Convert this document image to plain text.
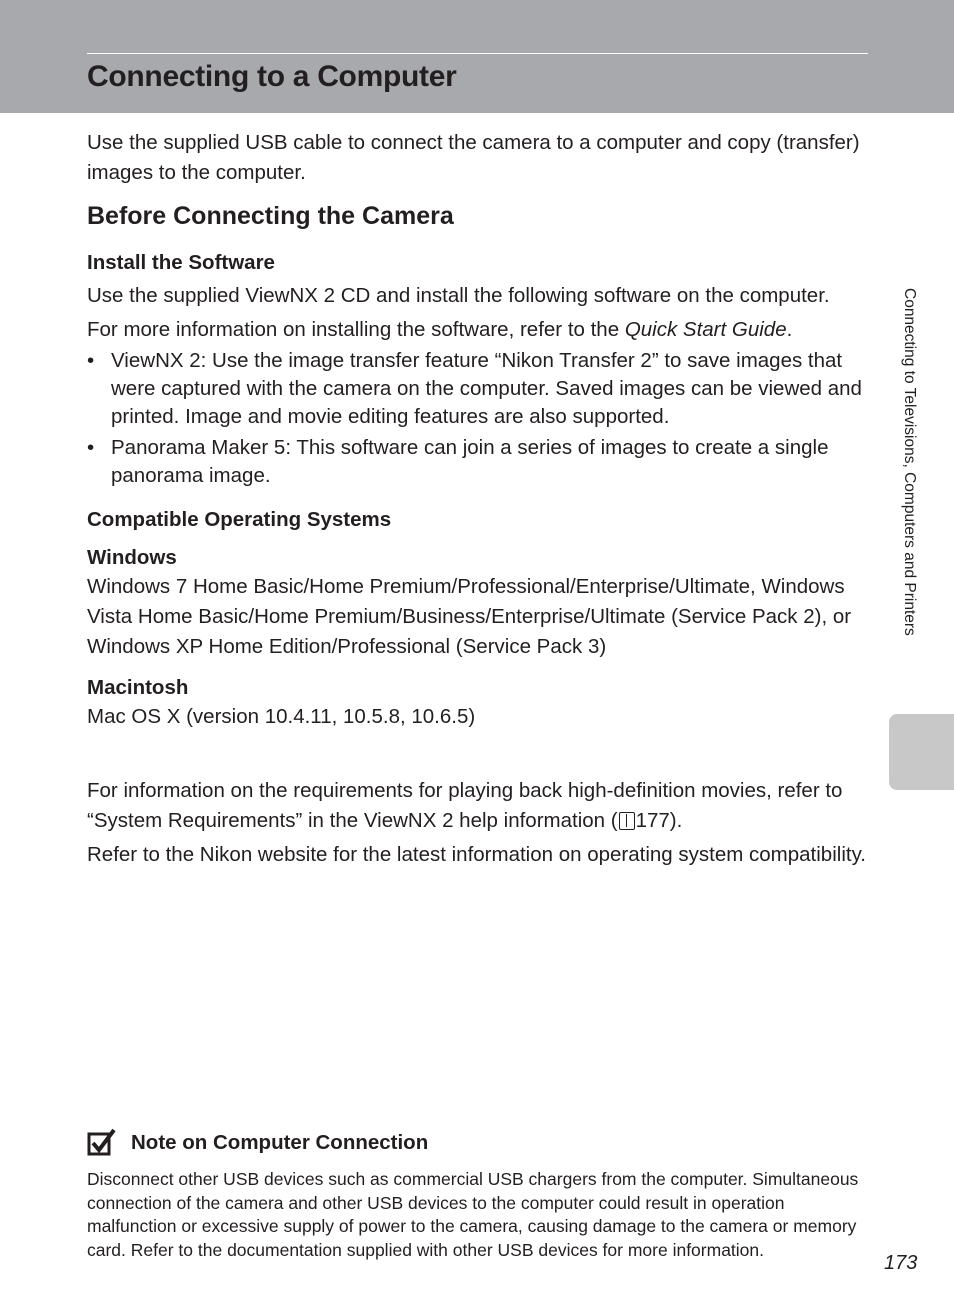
Connecting to a Computer

Use the supplied USB cable to connect the camera to a computer and copy (transfer) images to the computer.

Before Connecting the Camera
Install the Software

Use the supplied ViewNX 2 CD and install the following software on the computer.

For more information on installing the software, refer to the Quick Start Guide.

• ViewNX 2: Use the image transfer feature “Nikon Transfer 2” to save images that were captured with the camera on the computer. Saved images can be viewed and printed. Image and movie editing features are also supported.
• Panorama Maker 5: This software can join a series of images to create a single panorama image.
Compatible Operating Systems
Windows

Windows 7 Home Basic/Home Premium/Professional/Enterprise/Ultimate, Windows Vista Home Basic/Home Premium/Business/Enterprise/Ultimate (Service Pack 2), or Windows XP Home Edition/Professional (Service Pack 3)

Macintosh

Mac OS X (version 10.4.11, 10.5.8, 10.6.5)

For information on the requirements for playing back high-definition movies, refer to “System Requirements” in the ViewNX 2 help information ( 177).

Refer to the Nikon website for the latest information on operating system compatibility.

Connecting to Televisions, Computers and Printers
Note on Computer Connection

Disconnect other USB devices such as commercial USB chargers from the computer. Simultaneous connection of the camera and other USB devices to the computer could result in operation malfunction or excessive supply of power to the camera, causing damage to the camera or memory card. Refer to the documentation supplied with other USB devices for more information.

173
